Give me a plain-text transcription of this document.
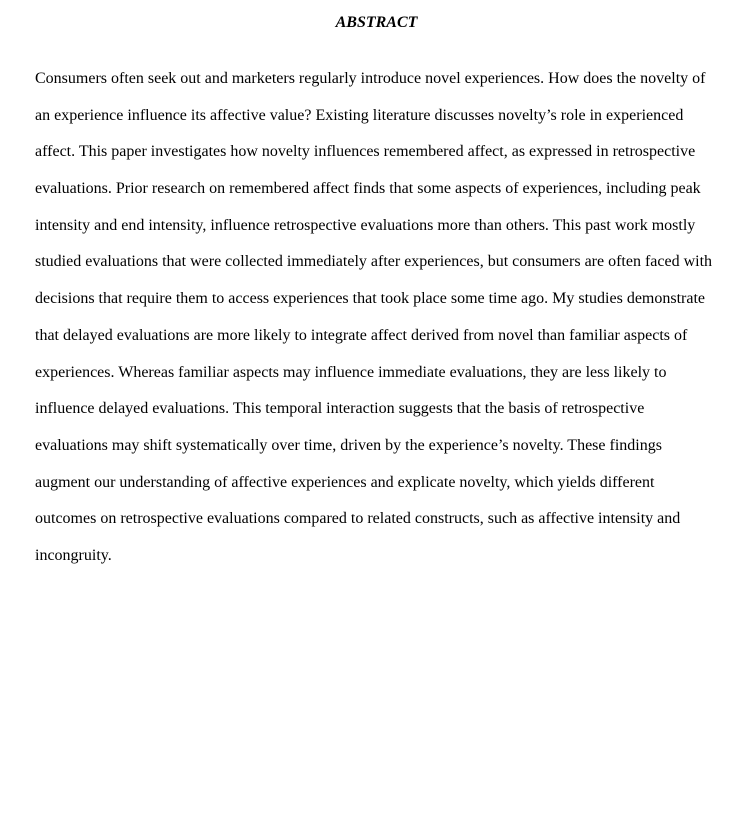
ABSTRACT
Consumers often seek out and marketers regularly introduce novel experiences. How does the novelty of
an experience influence its affective value? Existing literature discusses novelty’s role in experienced
affect. This paper investigates how novelty influences remembered affect, as expressed in retrospective
evaluations. Prior research on remembered affect finds that some aspects of experiences, including peak
intensity and end intensity, influence retrospective evaluations more than others. This past work mostly
studied evaluations that were collected immediately after experiences, but consumers are often faced with
decisions that require them to access experiences that took place some time ago. My studies demonstrate
that delayed evaluations are more likely to integrate affect derived from novel than familiar aspects of
experiences. Whereas familiar aspects may influence immediate evaluations, they are less likely to
influence delayed evaluations. This temporal interaction suggests that the basis of retrospective
evaluations may shift systematically over time, driven by the experience’s novelty. These findings
augment our understanding of affective experiences and explicate novelty, which yields different
outcomes on retrospective evaluations compared to related constructs, such as affective intensity and
incongruity.
